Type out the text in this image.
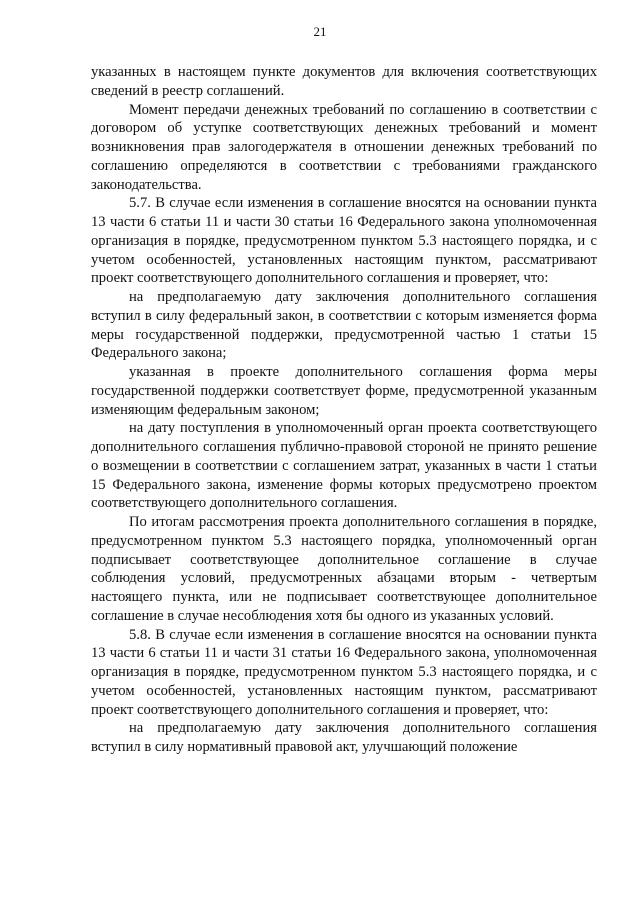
21

указанных в настоящем пункте документов для включения соответствующих сведений в реестр соглашений.

Момент передачи денежных требований по соглашению в соответствии с договором об уступке соответствующих денежных требований и момент возникновения прав залогодержателя в отношении денежных требований по соглашению определяются в соответствии с требованиями гражданского законодательства.

5.7. В случае если изменения в соглашение вносятся на основании пункта 13 части 6 статьи 11 и части 30 статьи 16 Федерального закона уполномоченная организация в порядке, предусмотренном пунктом 5.3 настоящего порядка, и с учетом особенностей, установленных настоящим пунктом, рассматривают проект соответствующего дополнительного соглашения и проверяет, что:

на предполагаемую дату заключения дополнительного соглашения вступил в силу федеральный закон, в соответствии с которым изменяется форма меры государственной поддержки, предусмотренной частью 1 статьи 15 Федерального закона;

указанная в проекте дополнительного соглашения форма меры государственной поддержки соответствует форме, предусмотренной указанным изменяющим федеральным законом;

на дату поступления в уполномоченный орган проекта соответствующего дополнительного соглашения публично-правовой стороной не принято решение о возмещении в соответствии с соглашением затрат, указанных в части 1 статьи 15 Федерального закона, изменение формы которых предусмотрено проектом соответствующего дополнительного соглашения.

По итогам рассмотрения проекта дополнительного соглашения в порядке, предусмотренном пунктом 5.3 настоящего порядка, уполномоченный орган подписывает соответствующее дополнительное соглашение в случае соблюдения условий, предусмотренных абзацами вторым - четвертым настоящего пункта, или не подписывает соответствующее дополнительное соглашение в случае несоблюдения хотя бы одного из указанных условий.

5.8. В случае если изменения в соглашение вносятся на основании пункта 13 части 6 статьи 11 и части 31 статьи 16 Федерального закона, уполномоченная организация в порядке, предусмотренном пунктом 5.3 настоящего порядка, и с учетом особенностей, установленных настоящим пунктом, рассматривают проект соответствующего дополнительного соглашения и проверяет, что:

на предполагаемую дату заключения дополнительного соглашения вступил в силу нормативный правовой акт, улучшающий положение
